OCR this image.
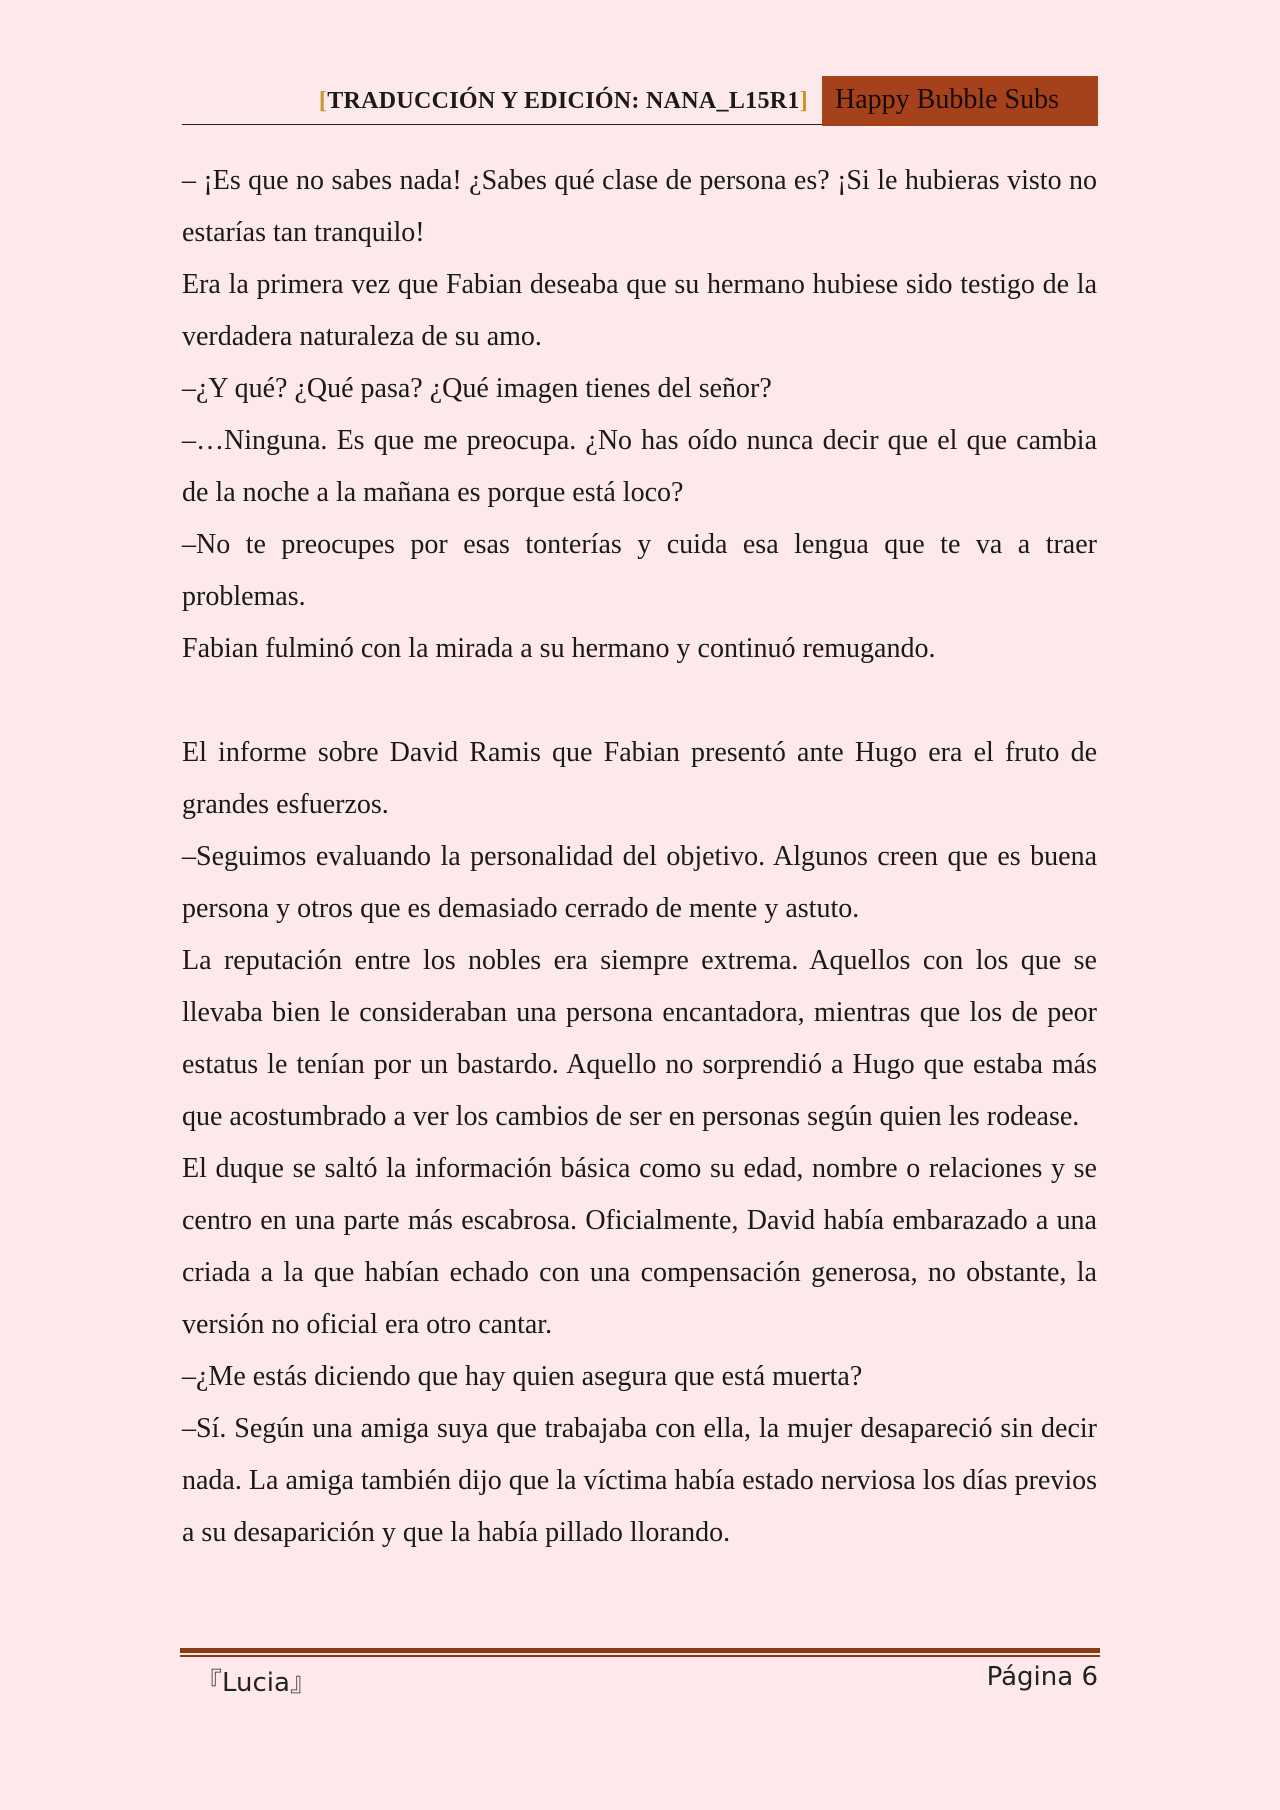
[TRADUCCIÓN Y EDICIÓN: NANA_L15R1] Happy Bubble Subs

– ¡Es que no sabes nada! ¿Sabes qué clase de persona es? ¡Si le hubieras visto no estarías tan tranquilo!

Era la primera vez que Fabian deseaba que su hermano hubiese sido testigo de la verdadera naturaleza de su amo.

–¿Y qué? ¿Qué pasa? ¿Qué imagen tienes del señor?

–…Ninguna. Es que me preocupa. ¿No has oído nunca decir que el que cambia de la noche a la mañana es porque está loco?

–No te preocupes por esas tonterías y cuida esa lengua que te va a traer problemas.

Fabian fulminó con la mirada a su hermano y continuó remugando.

El informe sobre David Ramis que Fabian presentó ante Hugo era el fruto de grandes esfuerzos.

–Seguimos evaluando la personalidad del objetivo. Algunos creen que es buena persona y otros que es demasiado cerrado de mente y astuto.

La reputación entre los nobles era siempre extrema. Aquellos con los que se llevaba bien le consideraban una persona encantadora, mientras que los de peor estatus le tenían por un bastardo. Aquello no sorprendió a Hugo que estaba más que acostumbrado a ver los cambios de ser en personas según quien les rodease.

El duque se saltó la información básica como su edad, nombre o relaciones y se centro en una parte más escabrosa. Oficialmente, David había embarazado a una criada a la que habían echado con una compensación generosa, no obstante, la versión no oficial era otro cantar.

–¿Me estás diciendo que hay quien asegura que está muerta?

–Sí. Según una amiga suya que trabajaba con ella, la mujer desapareció sin decir nada. La amiga también dijo que la víctima había estado nerviosa los días previos a su desaparición y que la había pillado llorando.

『Lucia』	Página 6
